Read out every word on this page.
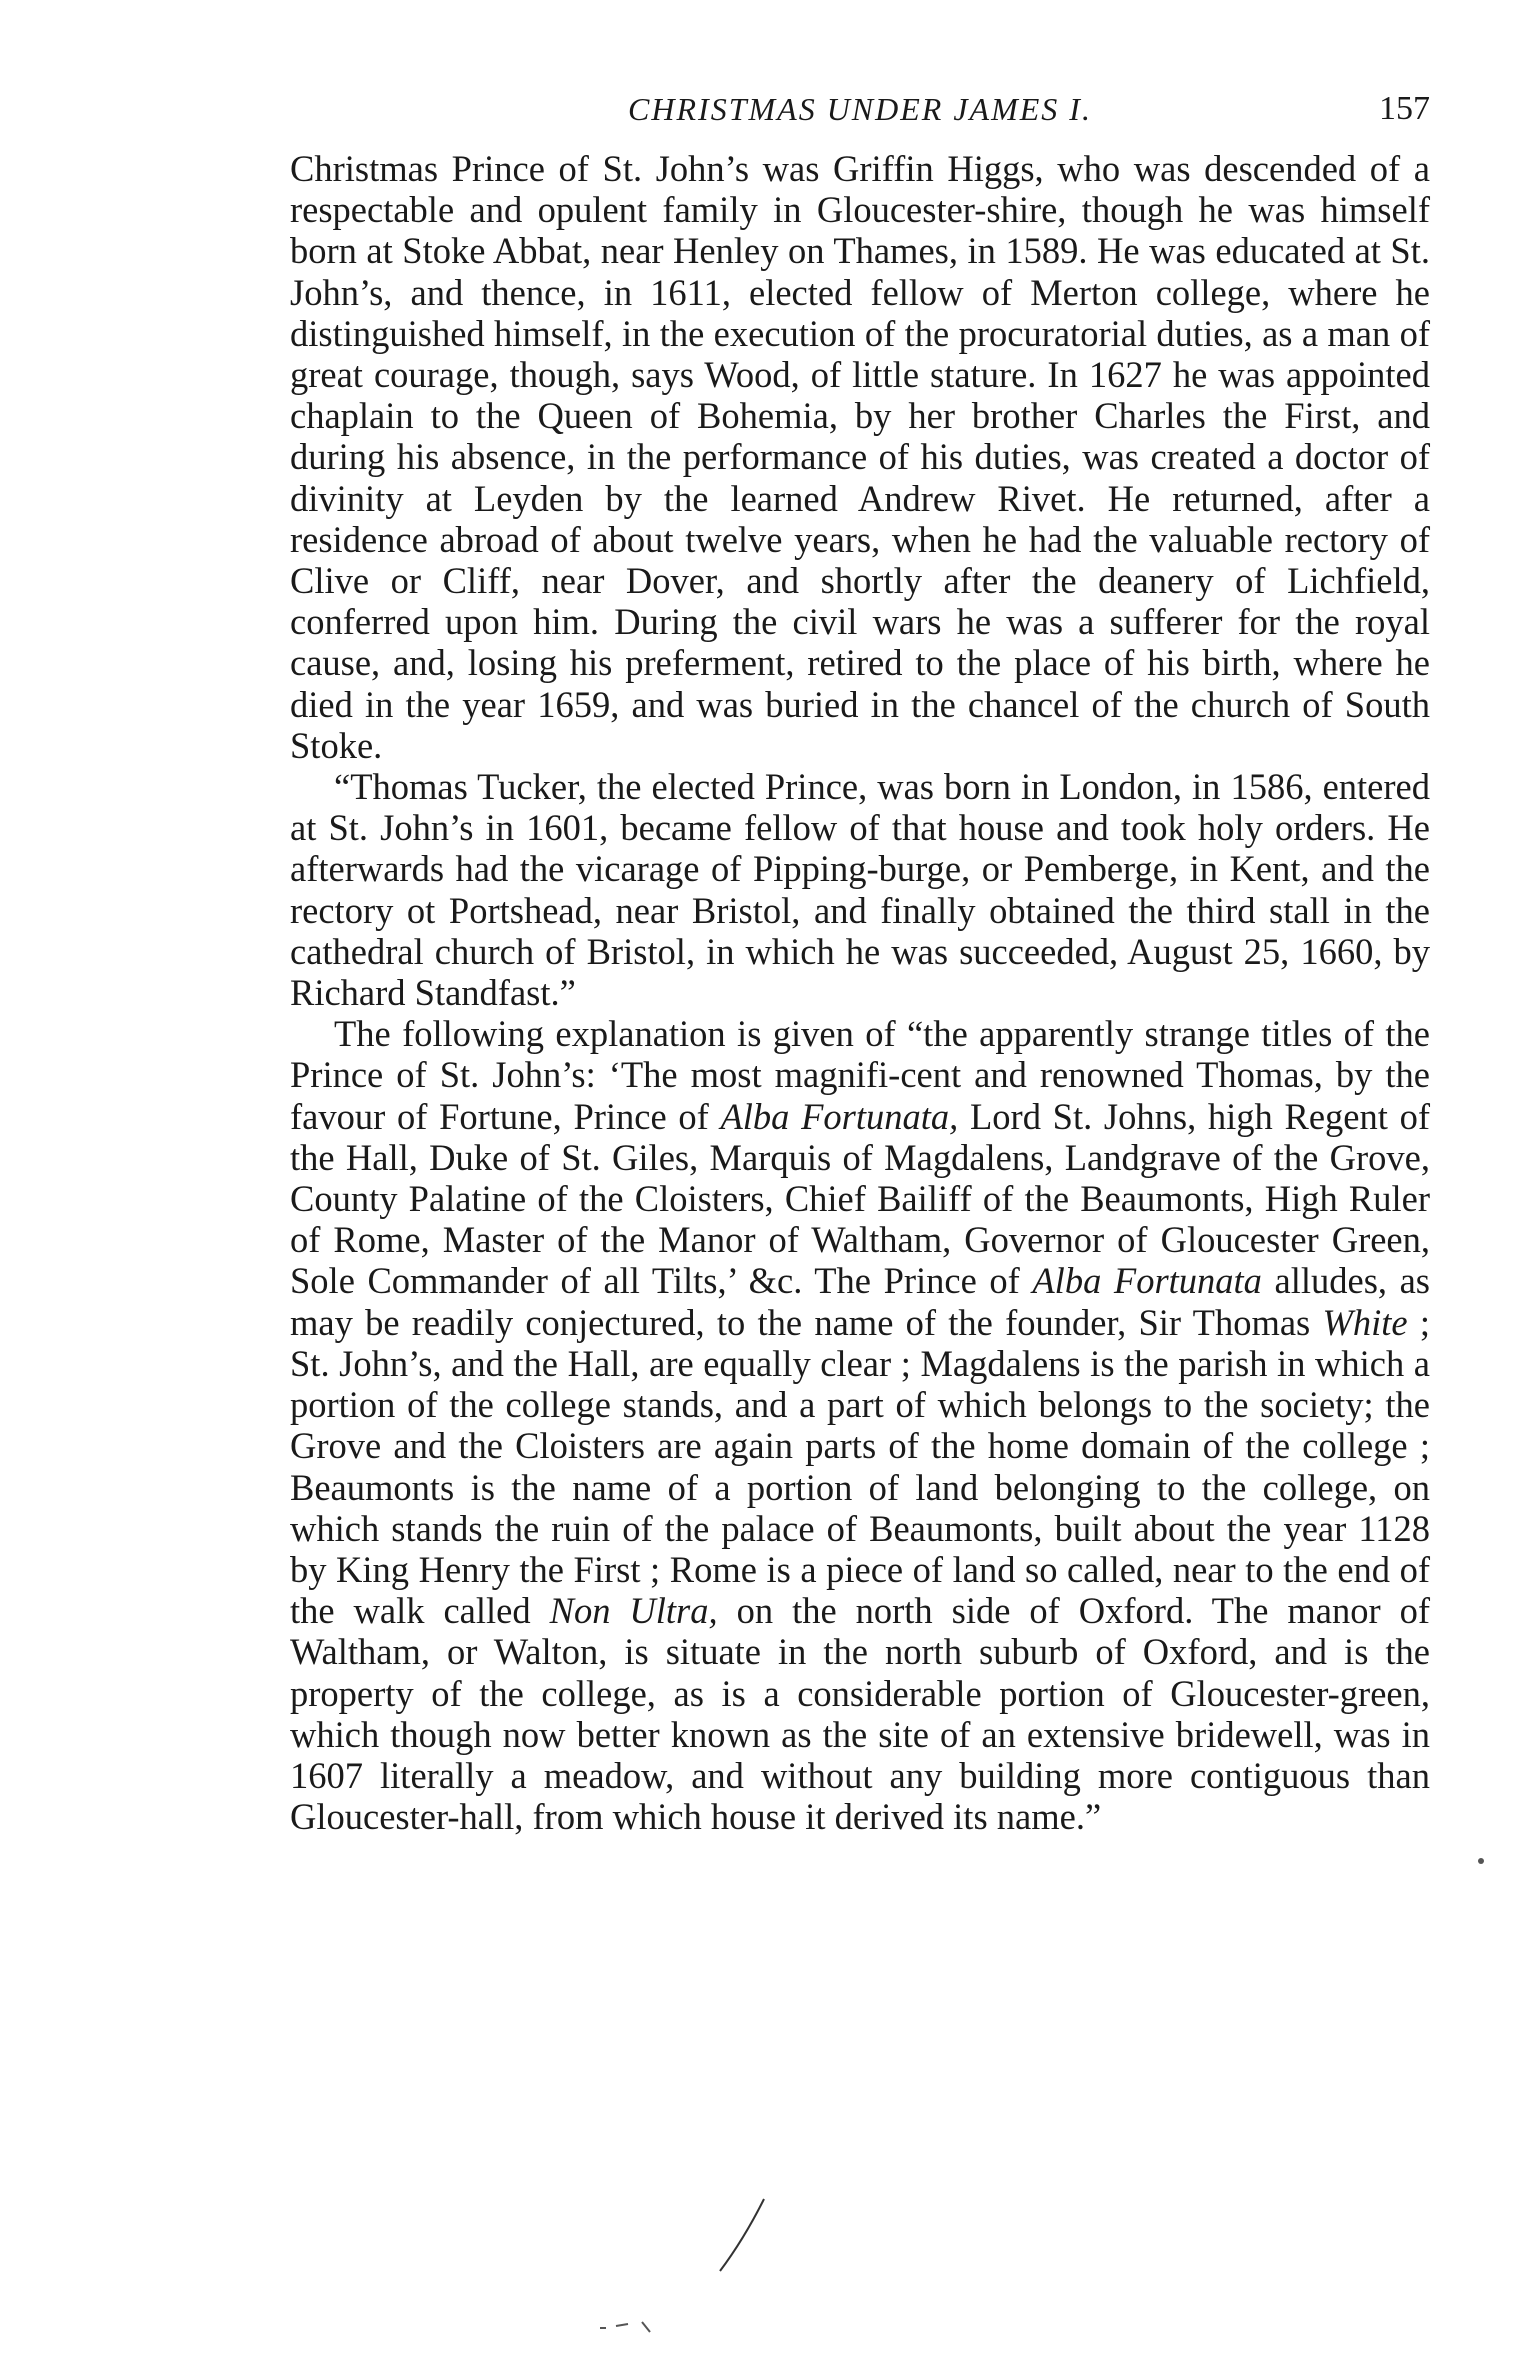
CHRISTMAS UNDER JAMES I.	157

Christmas Prince of St. John’s was Griffin Higgs, who was descended of a respectable and opulent family in Gloucester-shire, though he was himself born at Stoke Abbat, near Henley on Thames, in 1589. He was educated at St. John’s, and thence, in 1611, elected fellow of Merton college, where he distinguished himself, in the execution of the procuratorial duties, as a man of great courage, though, says Wood, of little stature. In 1627 he was appointed chaplain to the Queen of Bohemia, by her brother Charles the First, and during his absence, in the performance of his duties, was created a doctor of divinity at Leyden by the learned Andrew Rivet. He returned, after a residence abroad of about twelve years, when he had the valuable rectory of Clive or Cliff, near Dover, and shortly after the deanery of Lichfield, conferred upon him. During the civil wars he was a sufferer for the royal cause, and, losing his preferment, retired to the place of his birth, where he died in the year 1659, and was buried in the chancel of the church of South Stoke.

“Thomas Tucker, the elected Prince, was born in London, in 1586, entered at St. John’s in 1601, became fellow of that house and took holy orders. He afterwards had the vicarage of Pipping-burge, or Pemberge, in Kent, and the rectory ot Portshead, near Bristol, and finally obtained the third stall in the cathedral church of Bristol, in which he was succeeded, August 25, 1660, by Richard Standfast.”

The following explanation is given of “the apparently strange titles of the Prince of St. John’s: ‘The most magnifi-cent and renowned Thomas, by the favour of Fortune, Prince of Alba Fortunata, Lord St. Johns, high Regent of the Hall, Duke of St. Giles, Marquis of Magdalens, Landgrave of the Grove, County Palatine of the Cloisters, Chief Bailiff of the Beaumonts, High Ruler of Rome, Master of the Manor of Waltham, Governor of Gloucester Green, Sole Commander of all Tilts,’ &c. The Prince of Alba Fortunata alludes, as may be readily conjectured, to the name of the founder, Sir Thomas White ; St. John’s, and the Hall, are equally clear ; Magdalens is the parish in which a portion of the college stands, and a part of which belongs to the society; the Grove and the Cloisters are again parts of the home domain of the college ; Beaumonts is the name of a portion of land belonging to the college, on which stands the ruin of the palace of Beaumonts, built about the year 1128 by King Henry the First ; Rome is a piece of land so called, near to the end of the walk called Non Ultra, on the north side of Oxford. The manor of Waltham, or Walton, is situate in the north suburb of Oxford, and is the property of the college, as is a considerable portion of Gloucester-green, which though now better known as the site of an extensive bridewell, was in 1607 literally a meadow, and without any building more contiguous than Gloucester-hall, from which house it derived its name.”
